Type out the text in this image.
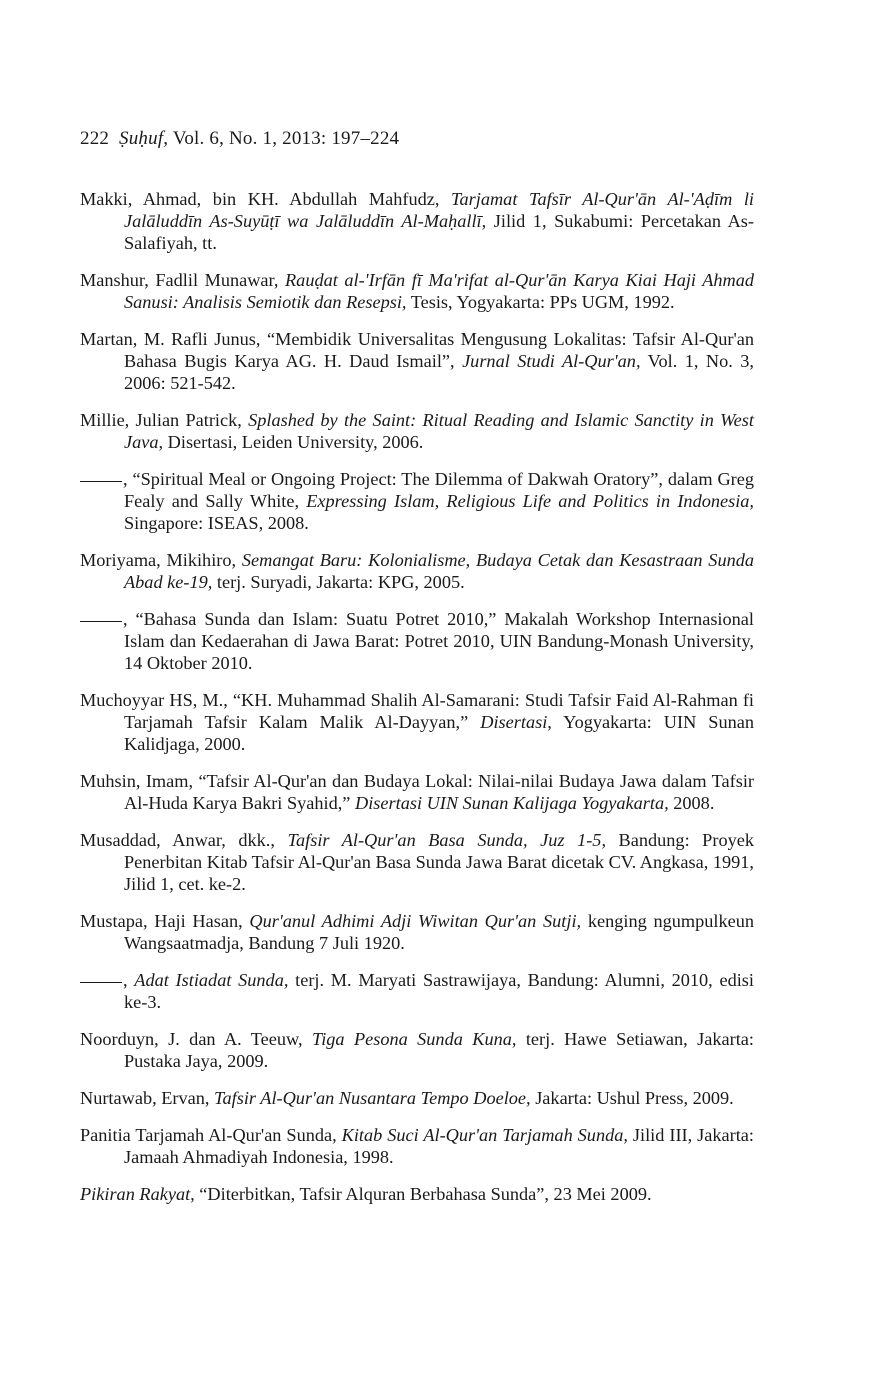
222 Ṣuḥuf, Vol. 6, No. 1, 2013: 197–224

Makki, Ahmad, bin KH. Abdullah Mahfudz, Tarjamat Tafsīr Al-Qur'ān Al-'Aḍīm li Jalāluddīn As-Suyūṭī wa Jalāluddīn Al-Maḥallī, Jilid 1, Sukabumi: Percetakan As-Salafiyah, tt.

Manshur, Fadlil Munawar, Rauḍat al-'Irfān fī Ma'rifat al-Qur'ān Karya Kiai Haji Ahmad Sanusi: Analisis Semiotik dan Resepsi, Tesis, Yogyakarta: PPs UGM, 1992.

Martan, M. Rafli Junus, “Membidik Universalitas Mengusung Lokalitas: Tafsir Al-Qur'an Bahasa Bugis Karya AG. H. Daud Ismail”, Jurnal Studi Al-Qur'an, Vol. 1, No. 3, 2006: 521-542.

Millie, Julian Patrick, Splashed by the Saint: Ritual Reading and Islamic Sanctity in West Java, Disertasi, Leiden University, 2006.

, “Spiritual Meal or Ongoing Project: The Dilemma of Dakwah Oratory”, dalam Greg Fealy and Sally White, Expressing Islam, Religious Life and Politics in Indonesia, Singapore: ISEAS, 2008.

Moriyama, Mikihiro, Semangat Baru: Kolonialisme, Budaya Cetak dan Kesastraan Sunda Abad ke-19, terj. Suryadi, Jakarta: KPG, 2005.

, “Bahasa Sunda dan Islam: Suatu Potret 2010,” Makalah Workshop Internasional Islam dan Kedaerahan di Jawa Barat: Potret 2010, UIN Bandung-Monash University, 14 Oktober 2010.

Muchoyyar HS, M., “KH. Muhammad Shalih Al-Samarani: Studi Tafsir Faid Al-Rahman fi Tarjamah Tafsir Kalam Malik Al-Dayyan,” Disertasi, Yogyakarta: UIN Sunan Kalidjaga, 2000.

Muhsin, Imam, “Tafsir Al-Qur'an dan Budaya Lokal: Nilai-nilai Budaya Jawa dalam Tafsir Al-Huda Karya Bakri Syahid,” Disertasi UIN Sunan Kalijaga Yogyakarta, 2008.

Musaddad, Anwar, dkk., Tafsir Al-Qur'an Basa Sunda, Juz 1-5, Bandung: Proyek Penerbitan Kitab Tafsir Al-Qur'an Basa Sunda Jawa Barat dicetak CV. Angkasa, 1991, Jilid 1, cet. ke-2.

Mustapa, Haji Hasan, Qur'anul Adhimi Adji Wiwitan Qur'an Sutji, kenging ngumpulkeun Wangsaatmadja, Bandung 7 Juli 1920.

, Adat Istiadat Sunda, terj. M. Maryati Sastrawijaya, Bandung: Alumni, 2010, edisi ke-3.

Noorduyn, J. dan A. Teeuw, Tiga Pesona Sunda Kuna, terj. Hawe Setiawan, Jakarta: Pustaka Jaya, 2009.

Nurtawab, Ervan, Tafsir Al-Qur'an Nusantara Tempo Doeloe, Jakarta: Ushul Press, 2009.

Panitia Tarjamah Al-Qur'an Sunda, Kitab Suci Al-Qur'an Tarjamah Sunda, Jilid III, Jakarta: Jamaah Ahmadiyah Indonesia, 1998.

Pikiran Rakyat, “Diterbitkan, Tafsir Alquran Berbahasa Sunda”, 23 Mei 2009.
